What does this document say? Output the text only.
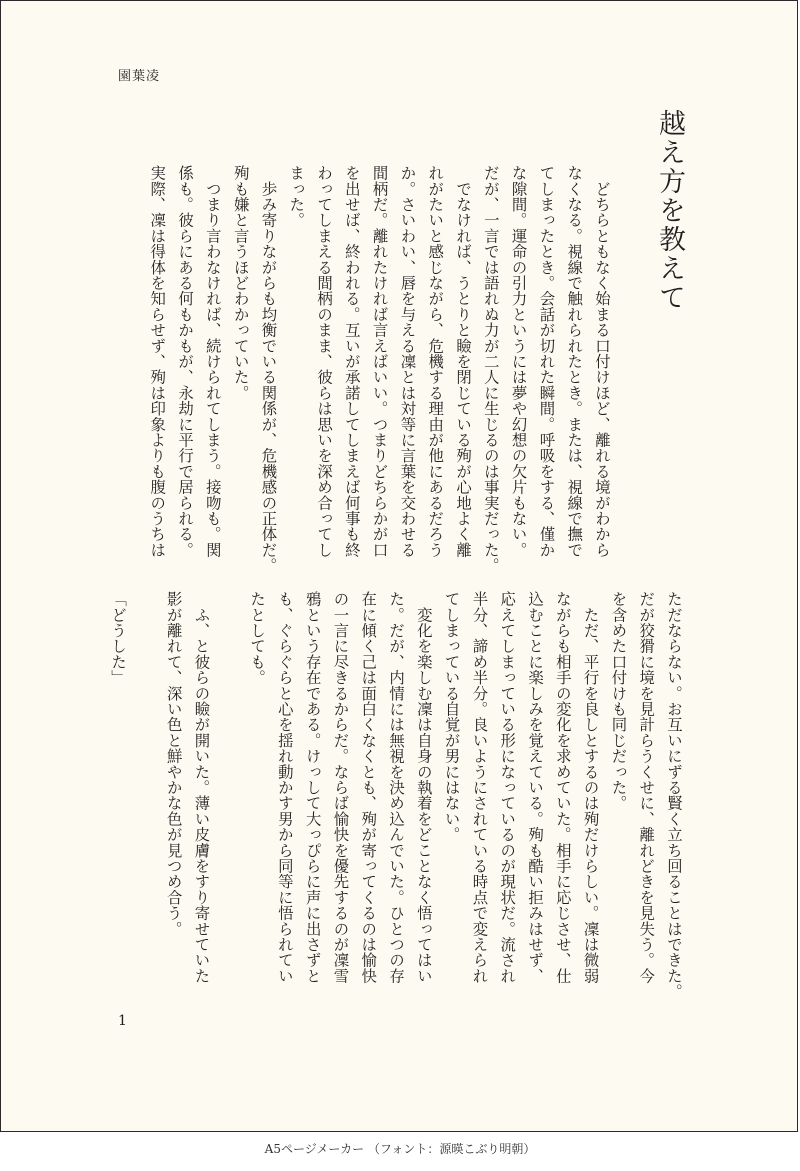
園葉凌
越え方を教えて
　どちらともなく始まる口付けほど、離れる境がわから
なくなる。視線で触れられたとき。または、視線で撫で
てしまったとき。会話が切れた瞬間。呼吸をする、僅か
な隙間。運命の引力というには夢や幻想の欠片もない。
だが、一言では語れぬ力が二人に生じるのは事実だった。
　でなければ、うとりと瞼を閉じている殉が心地よく離
れがたいと感じながら、危機する理由が他にあるだろう
か。さいわい、唇を与える凜とは対等に言葉を交わせる
間柄だ。離れたければ言えばいい。つまりどちらかが口
を出せば、終われる。互いが承諾してしまえば何事も終
わってしまえる間柄のまま、彼らは思いを深め合ってし
まった。
　歩み寄りながらも均衡でいる関係が、危機感の正体だ。
殉も嫌と言うほどわかっていた。
　つまり言わなければ、続けられてしまう。接吻も。関
係も。彼らにある何もかもが、永劫に平行で居られる。
実際、凜は得体を知らせず、殉は印象よりも腹のうちは
ただならない。お互いにずる賢く立ち回ることはできた。
だが狡猾に境を見計らうくせに、離れどきを見失う。今
を含めた口付けも同じだった。
　ただ、平行を良しとするのは殉だけらしい。凜は微弱
ながらも相手の変化を求めていた。相手に応じさせ、仕
込むことに楽しみを覚えている。殉も酷い拒みはせず、
応えてしまっている形になっているのが現状だ。流され
半分、諦め半分。良いようにされている時点で変えられ
てしまっている自覚が男にはない。
　変化を楽しむ凜は自身の執着をどことなく悟ってはい
た。だが、内情には無視を決め込んでいた。ひとつの存
在に傾く己は面白くなくとも、殉が寄ってくるのは愉快
の一言に尽きるからだ。ならば愉快を優先するのが凜雪
鴉という存在である。けっして大っぴらに声に出さずと
も、ぐらぐらと心を揺れ動かす男から同等に悟られてい
たとしても。

　ふ、と彼らの瞼が開いた。薄い皮膚をすり寄せていた
影が離れて、深い色と鮮やかな色が見つめ合う。

「どうした」
1
A5ページメーカー （フォント：源暎こぶり明朝）
